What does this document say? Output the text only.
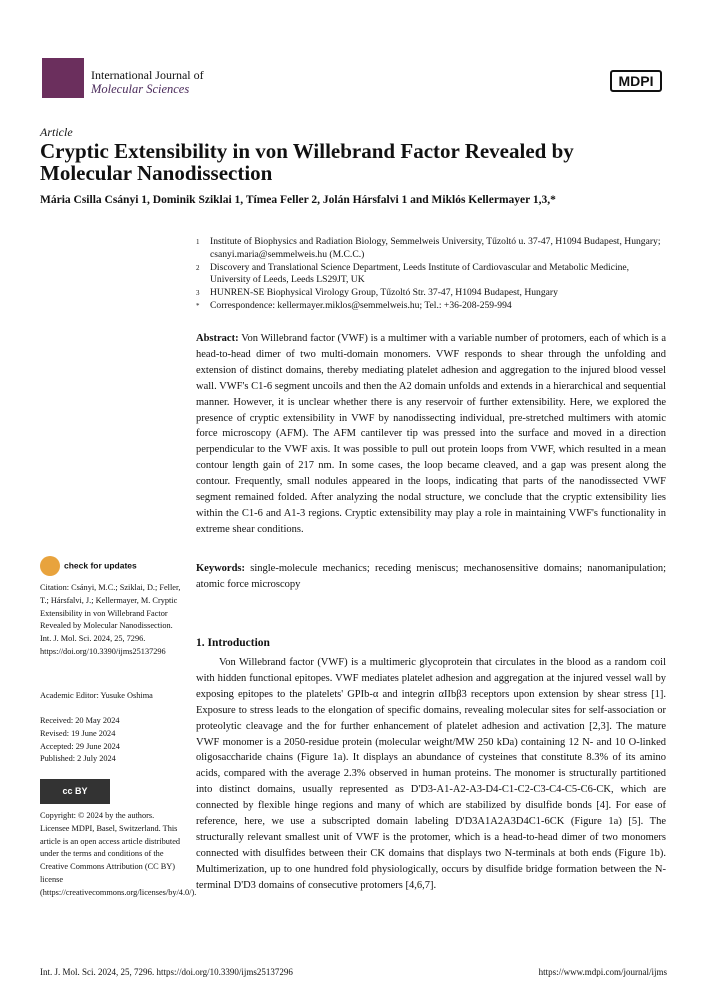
International Journal of
Molecular Sciences	MDPI
Article
Cryptic Extensibility in von Willebrand Factor Revealed by Molecular Nanodissection
Mária Csilla Csányi 1, Dominik Sziklai 1, Tímea Feller 2, Jolán Hársfalvi 1 and Miklós Kellermayer 1,3,*
1	Institute of Biophysics and Radiation Biology, Semmelweis University, Tűzoltó u. 37-47, H1094 Budapest, Hungary; csanyi.maria@semmelweis.hu (M.C.C.)
2	Discovery and Translational Science Department, Leeds Institute of Cardiovascular and Metabolic Medicine, University of Leeds, Leeds LS29JT, UK
3	HUNREN-SE Biophysical Virology Group, Tűzoltó Str. 37-47, H1094 Budapest, Hungary
*	Correspondence: kellermayer.miklos@semmelweis.hu; Tel.: +36-208-259-994
Abstract: Von Willebrand factor (VWF) is a multimer with a variable number of protomers, each of which is a head-to-head dimer of two multi-domain monomers. VWF responds to shear through the unfolding and extension of distinct domains, thereby mediating platelet adhesion and aggregation to the injured blood vessel wall. VWF's C1-6 segment uncoils and then the A2 domain unfolds and extends in a hierarchical and sequential manner. However, it is unclear whether there is any reservoir of further extensibility. Here, we explored the presence of cryptic extensibility in VWF by nanodissecting individual, pre-stretched multimers with atomic force microscopy (AFM). The AFM cantilever tip was pressed into the surface and moved in a direction perpendicular to the VWF axis. It was possible to pull out protein loops from VWF, which resulted in a mean contour length gain of 217 nm. In some cases, the loop became cleaved, and a gap was present along the contour. Frequently, small nodules appeared in the loops, indicating that parts of the nanodissected VWF segment remained folded. After analyzing the nodal structure, we conclude that the cryptic extensibility lies within the C1-6 and A1-3 regions. Cryptic extensibility may play a role in maintaining VWF's functionality in extreme shear conditions.
Keywords: single-molecule mechanics; receding meniscus; mechanosensitive domains; nanomanipulation; atomic force microscopy
check for updates
Citation: Csányi, M.C.; Sziklai, D.; Feller, T.; Hársfalvi, J.; Kellermayer, M. Cryptic Extensibility in von Willebrand Factor Revealed by Molecular Nanodissection. Int. J. Mol. Sci. 2024, 25, 7296. https://doi.org/10.3390/ijms25137296
Academic Editor: Yusuke Oshima
Received: 20 May 2024
Revised: 19 June 2024
Accepted: 29 June 2024
Published: 2 July 2024
cc BY
Copyright: © 2024 by the authors. Licensee MDPI, Basel, Switzerland. This article is an open access article distributed under the terms and conditions of the Creative Commons Attribution (CC BY) license (https://creativecommons.org/licenses/by/4.0/).
1. Introduction
Von Willebrand factor (VWF) is a multimeric glycoprotein that circulates in the blood as a random coil with hidden functional epitopes. VWF mediates platelet adhesion and aggregation at the injured vessel wall by exposing epitopes to the platelets' GPIb-α and integrin αIIbβ3 receptors upon extension by shear stress [1]. Exposure to stress leads to the elongation of specific domains, revealing molecular sites for self-association or proteolytic cleavage and the for further enhancement of platelet adhesion and activation [2,3]. The mature VWF monomer is a 2050-residue protein (molecular weight/MW 250 kDa) containing 12 N- and 10 O-linked oligosaccharide chains (Figure 1a). It displays an abundance of cysteines that constitute 8.3% of its amino acids, compared with the average 2.3% observed in human proteins. The monomer is structurally partitioned into distinct domains, usually represented as D'D3-A1-A2-A3-D4-C1-C2-C3-C4-C5-C6-CK, which are connected by flexible hinge regions and many of which are stabilized by disulfide bonds [4]. For ease of reference, here, we use a subscripted domain labeling D'D3A1A2A3D4C1-6CK (Figure 1a) [5]. The structurally relevant smallest unit of VWF is the protomer, which is a head-to-head dimer of two monomers connected with disulfides between their CK domains that displays two N-terminals at both ends (Figure 1b). Multimerization, up to one hundred fold physiologically, occurs by disulfide bridge formation between the N-terminal D'D3 domains of consecutive protomers [4,6,7].
Int. J. Mol. Sci. 2024, 25, 7296. https://doi.org/10.3390/ijms25137296	https://www.mdpi.com/journal/ijms
